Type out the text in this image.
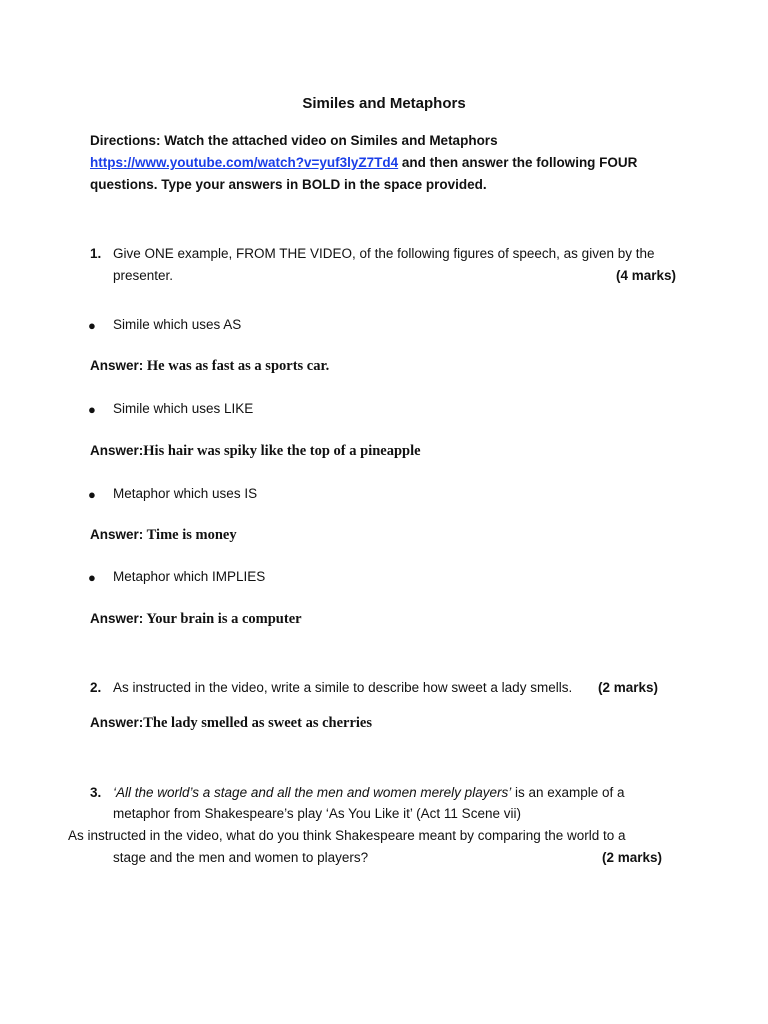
Similes and Metaphors
Directions: Watch the attached video on Similes and Metaphors
https://www.youtube.com/watch?v=yuf3lyZ7Td4 and then answer the following FOUR
questions. Type your answers in BOLD in the space provided.
1. Give ONE example, FROM THE VIDEO, of the following figures of speech, as given by the
presenter.	(4 marks)
● Simile which uses AS
Answer: He was as fast as a sports car.
● Simile which uses LIKE
Answer:His hair was spiky like the top of a pineapple
● Metaphor which uses IS
Answer: Time is money
● Metaphor which IMPLIES
Answer: Your brain is a computer
2. As instructed in the video, write a simile to describe how sweet a lady smells. (2 marks)
Answer:The lady smelled as sweet as cherries
3. ‘All the world’s a stage and all the men and women merely players’ is an example of a
metaphor from Shakespeare’s play ‘As You Like it’ (Act 11 Scene vii)
As instructed in the video, what do you think Shakespeare meant by comparing the world to a
stage and the men and women to players?	(2 marks)
